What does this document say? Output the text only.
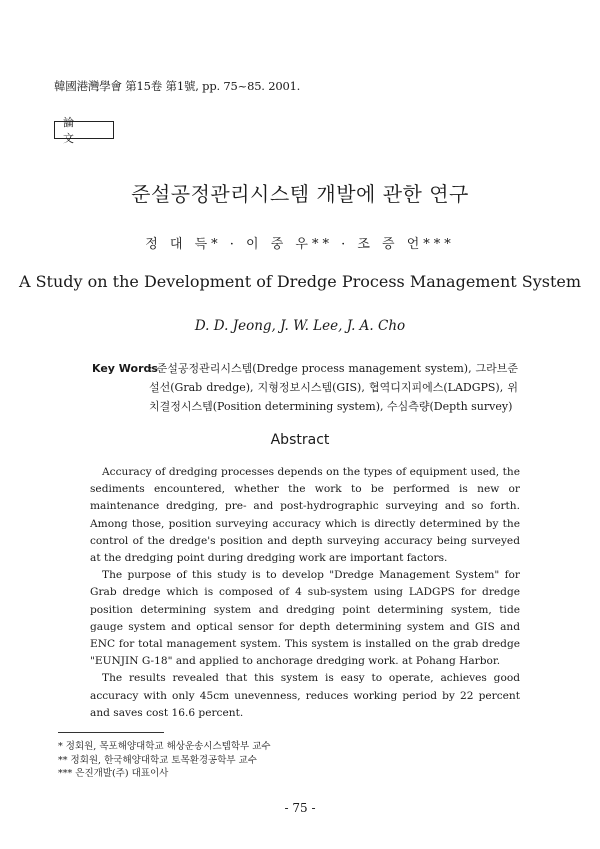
韓國港灣學會 第15卷 第1號, pp. 75~85. 2001.
論 文
준설공정관리시스템 개발에 관한 연구
정 대 득* · 이 중 우** · 조 증 언***
A Study on the Development of Dredge Process Management System
D. D. Jeong, J. W. Lee, J. A. Cho
Key Words
: 준설공정관리시스템(Dredge process management system), 그라브준설선(Grab dredge), 지형정보시스템(GIS), 협역디지피에스(LADGPS), 위치결정시스템(Position determining system), 수심측량(Depth survey)
Abstract

Accuracy of dredging processes depends on the types of equipment used, the sediments encountered, whether the work to be performed is new or maintenance dredging, pre- and post-hydrographic surveying and so forth. Among those, position surveying accuracy which is directly determined by the control of the dredge's position and depth surveying accuracy being surveyed at the dredging point during dredging work are important factors.

The purpose of this study is to develop "Dredge Management System" for Grab dredge which is composed of 4 sub-system using LADGPS for dredge position determining system and dredging point determining system, tide gauge system and optical sensor for depth determining system and GIS and ENC for total management system. This system is installed on the grab dredge "EUNJIN G-18" and applied to anchorage dredging work. at Pohang Harbor.

The results revealed that this system is easy to operate, achieves good accuracy with only 45cm unevenness, reduces working period by 22 percent and saves cost 16.6 percent.

* 정회원, 목포해양대학교 해상운송시스템학부 교수
** 정회원, 한국해양대학교 토목환경공학부 교수
*** 은진개발(주) 대표이사
- 75 -
